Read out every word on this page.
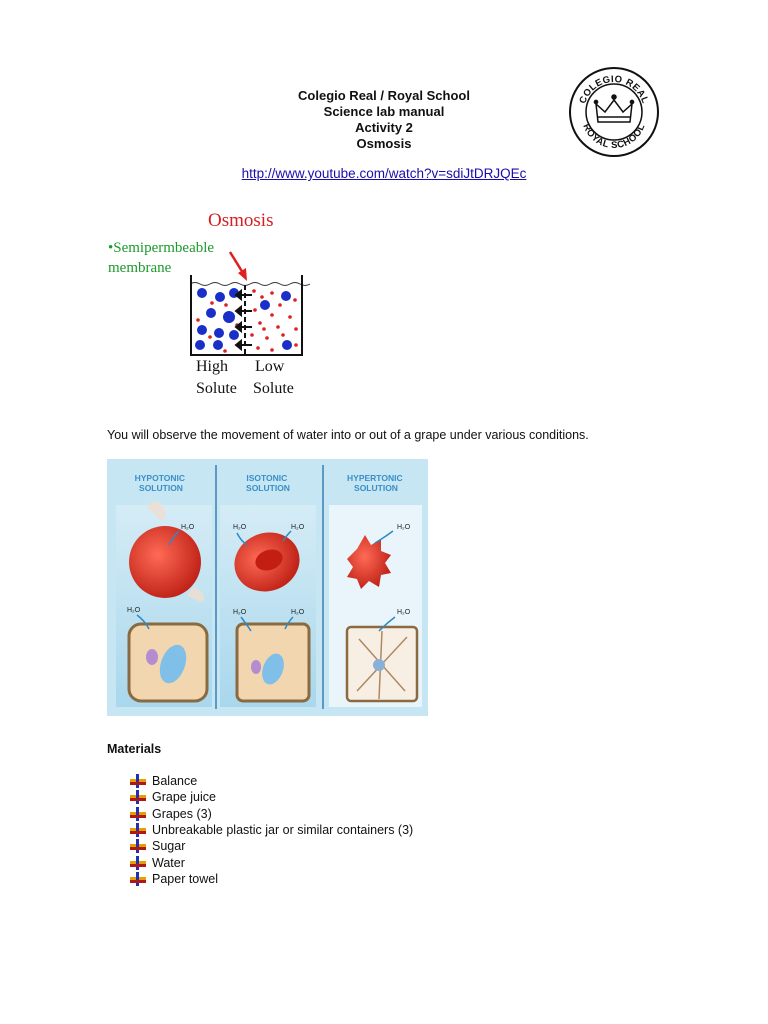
Colegio Real / Royal School
Science lab manual
Activity 2
Osmosis
COLEGIO REAL
ROYAL SCHOOL
http://www.youtube.com/watch?v=sdiJtDRJQEc
Osmosis
•Semipermbeable membrane
High
Solute
Low
Solute
You will observe the movement of water into or out of a grape under various conditions.
HYPOTONIC SOLUTION
ISOTONIC SOLUTION
HYPERTONIC SOLUTION
H₂O	H₂O	H₂O	H₂O
H₂O	H₂O	H₂O	H₂O
Materials
Balance
Grape juice
Grapes (3)
Unbreakable plastic jar or similar containers (3)
Sugar
Water
Paper towel
